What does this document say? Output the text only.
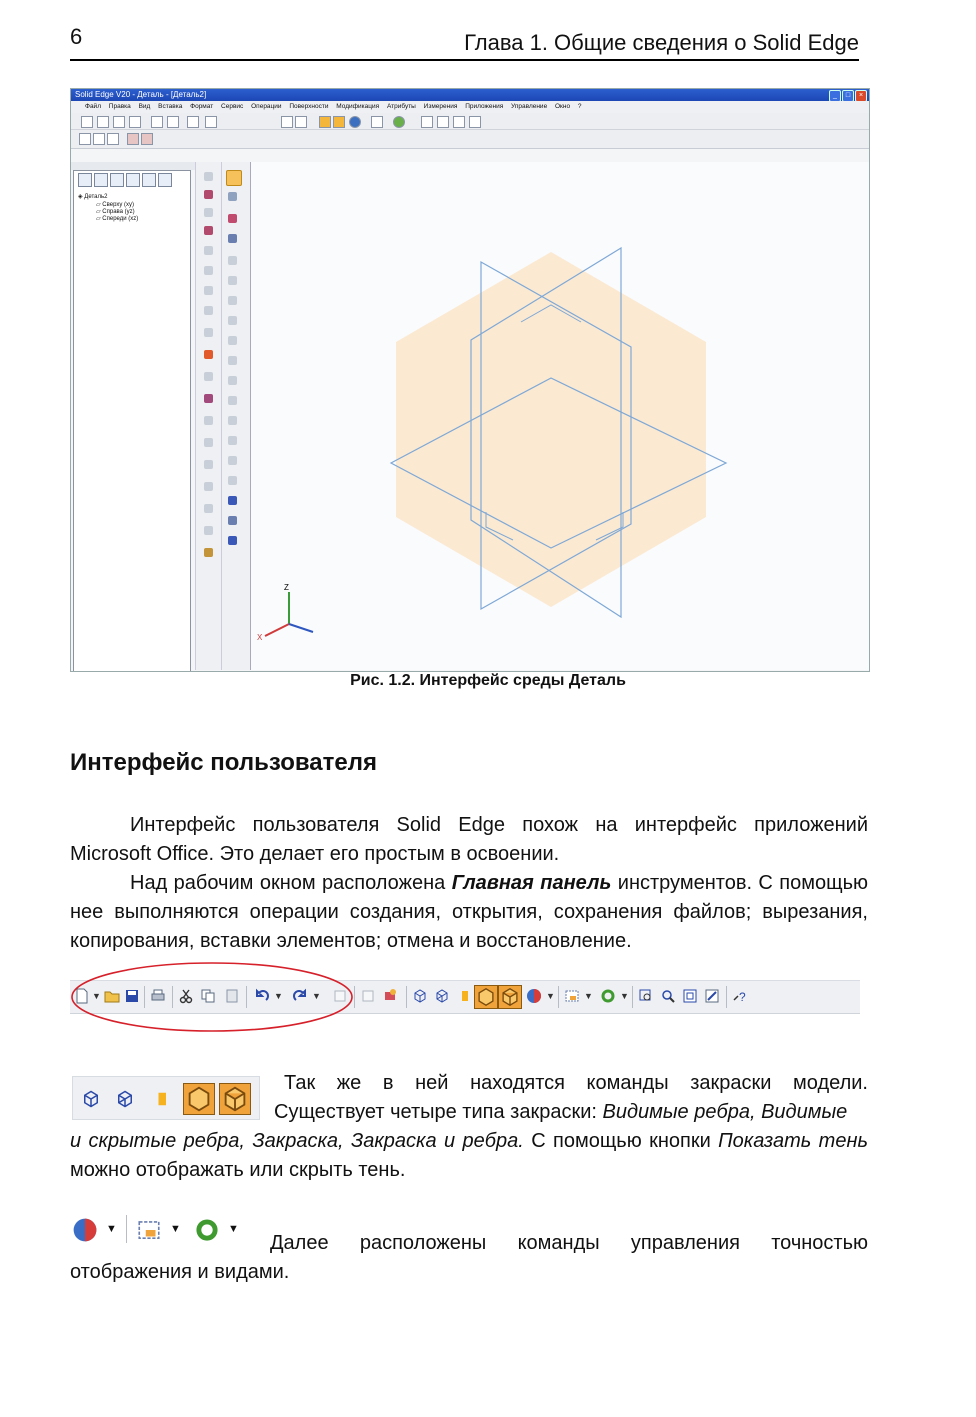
6	Глава 1. Общие сведения о Solid Edge
Solid Edge V20 - Деталь - [Деталь2]	_	□	×
Файл Правка Вид Вставка Формат Сервис Операции Поверхности Модификация Атрибуты Измерения Приложения Управление Окно ?
◈ Деталь2
▱ Сверху (xy)
▱ Справа (yz)
▱ Спереди (xz)
Z
X
Рис. 1.2. Интерфейс среды Деталь
Интерфейс пользователя
Интерфейс пользователя Solid Edge похож на интерфейс приложений Microsoft Office. Это делает его простым в освоении.
Над рабочим окном расположена Главная панель инструментов. С помощью нее выполняются операции создания, открытия, сохранения файлов; вырезания, копирования, вставки элементов; отмена и восстановление.
▼	▼	▼	▼	▼	▼	?
Так же в ней находятся команды закраски модели. Существует четыре типа закраски: Видимые ребра, Видимые
и скрытые ребра, Закраска, Закраска и ребра. С помощью кнопки Показать тень можно отображать или скрыть тень.
▼	▼	▼
Далее расположены команды управления точностью отображения и видами.
